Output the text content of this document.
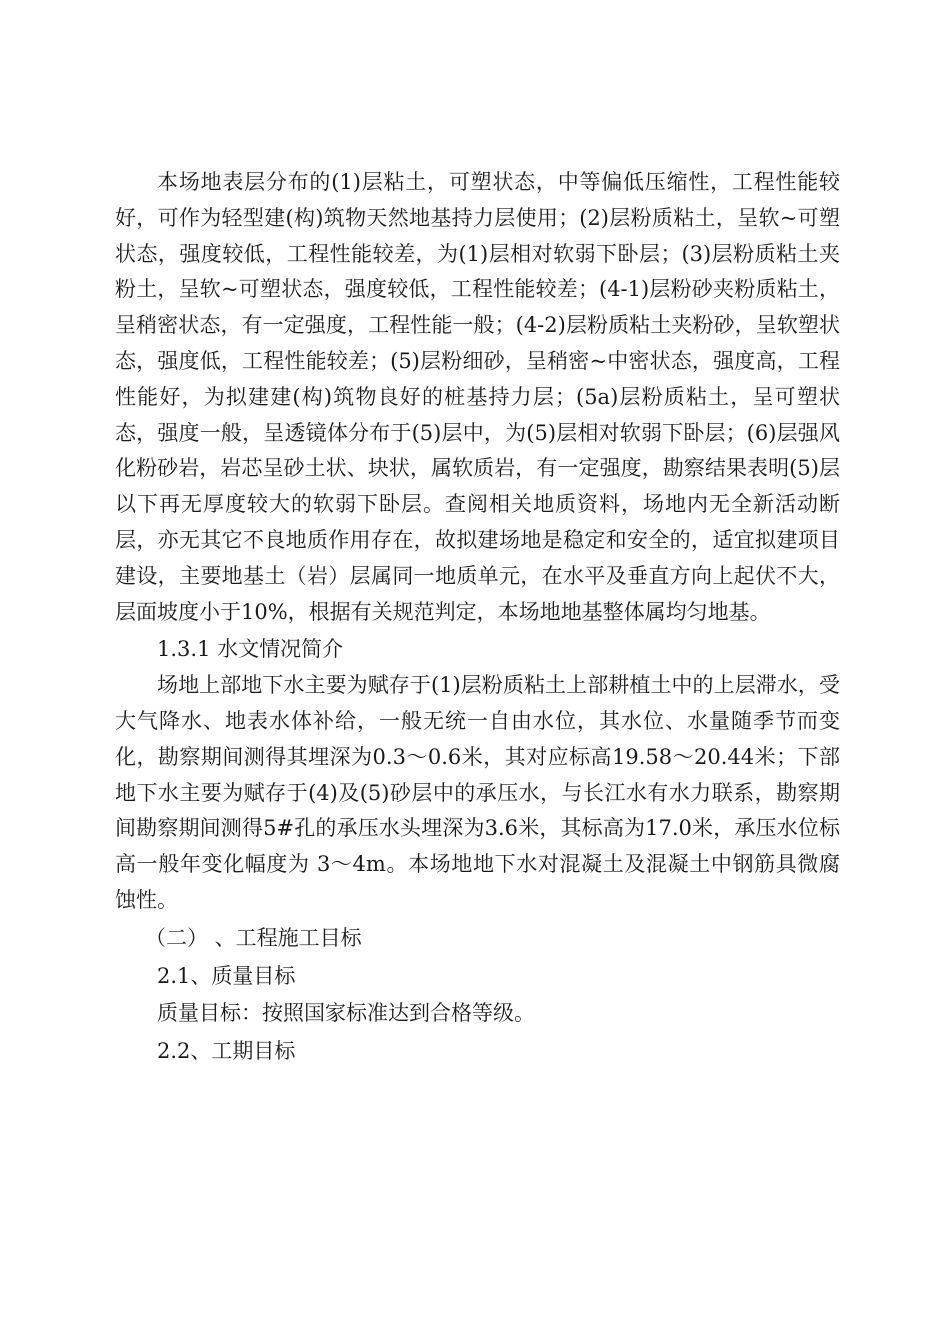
本场地表层分布的(1)层粘土，可塑状态，中等偏低压缩性，工程性能较好，可作为轻型建(构)筑物天然地基持力层使用；(2)层粉质粘土，呈软~可塑状态，强度较低，工程性能较差，为(1)层相对软弱下卧层；(3)层粉质粘土夹粉土，呈软~可塑状态，强度较低，工程性能较差；(4-1)层粉砂夹粉质粘土，呈稍密状态，有一定强度，工程性能一般；(4-2)层粉质粘土夹粉砂，呈软塑状态，强度低，工程性能较差；(5)层粉细砂，呈稍密~中密状态，强度高，工程性能好，为拟建建(构)筑物良好的桩基持力层；(5a)层粉质粘土，呈可塑状态，强度一般，呈透镜体分布于(5)层中，为(5)层相对软弱下卧层；(6)层强风化粉砂岩，岩芯呈砂土状、块状，属软质岩，有一定强度，勘察结果表明(5)层以下再无厚度较大的软弱下卧层。查阅相关地质资料，场地内无全新活动断层，亦无其它不良地质作用存在，故拟建场地是稳定和安全的，适宜拟建项目建设，主要地基土（岩）层属同一地质单元，在水平及垂直方向上起伏不大，层面坡度小于10%，根据有关规范判定，本场地地基整体属均匀地基。

1.3.1 水文情况简介

场地上部地下水主要为赋存于(1)层粉质粘土上部耕植土中的上层滞水，受大气降水、地表水体补给，一般无统一自由水位，其水位、水量随季节而变化，勘察期间测得其埋深为0.3～0.6米，其对应标高19.58～20.44米；下部地下水主要为赋存于(4)及(5)砂层中的承压水，与长江水有水力联系，勘察期间勘察期间测得5#孔的承压水头埋深为3.6米，其标高为17.0米，承压水位标高一般年变化幅度为 3～4m。本场地地下水对混凝土及混凝土中钢筋具微腐蚀性。

（二） 、工程施工目标

2.1、质量目标

质量目标：按照国家标准达到合格等级。

2.2、工期目标
